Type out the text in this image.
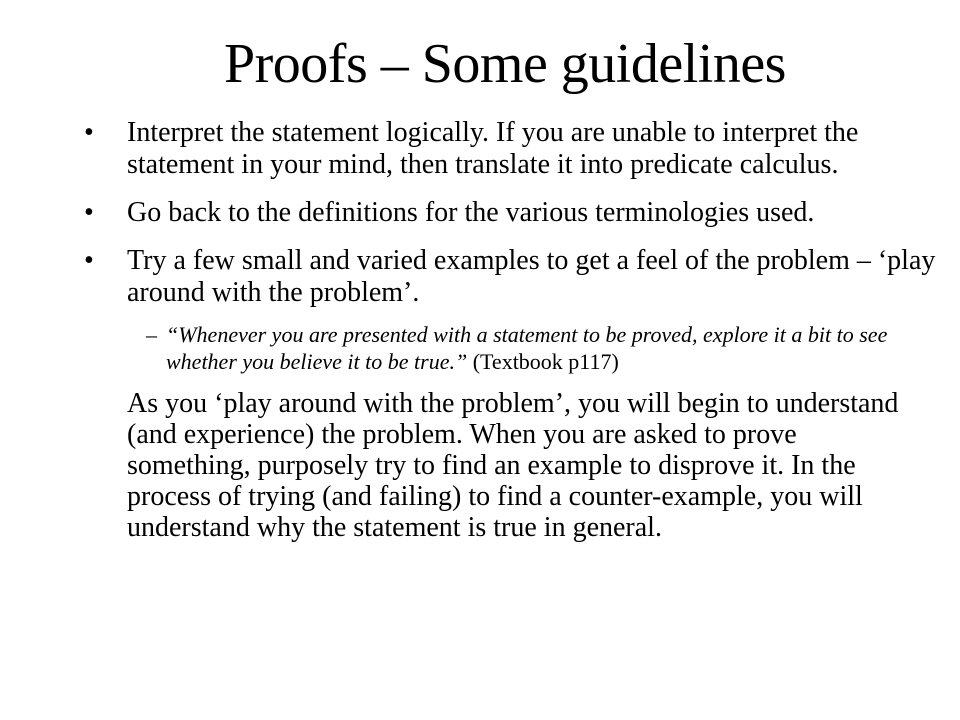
Proofs – Some guidelines
•	Interpret the statement logically. If you are unable to interpret the statement in your mind, then translate it into predicate calculus.
•	Go back to the definitions for the various terminologies used.
•	Try a few small and varied examples to get a feel of the problem – ‘play around with the problem’.
– “Whenever you are presented with a statement to be proved, explore it a bit to see whether you believe it to be true.” (Textbook p117)
As you ‘play around with the problem’, you will begin to understand (and experience) the problem. When you are asked to prove something, purposely try to find an example to disprove it. In the process of trying (and failing) to find a counter-example, you will understand why the statement is true in general.
